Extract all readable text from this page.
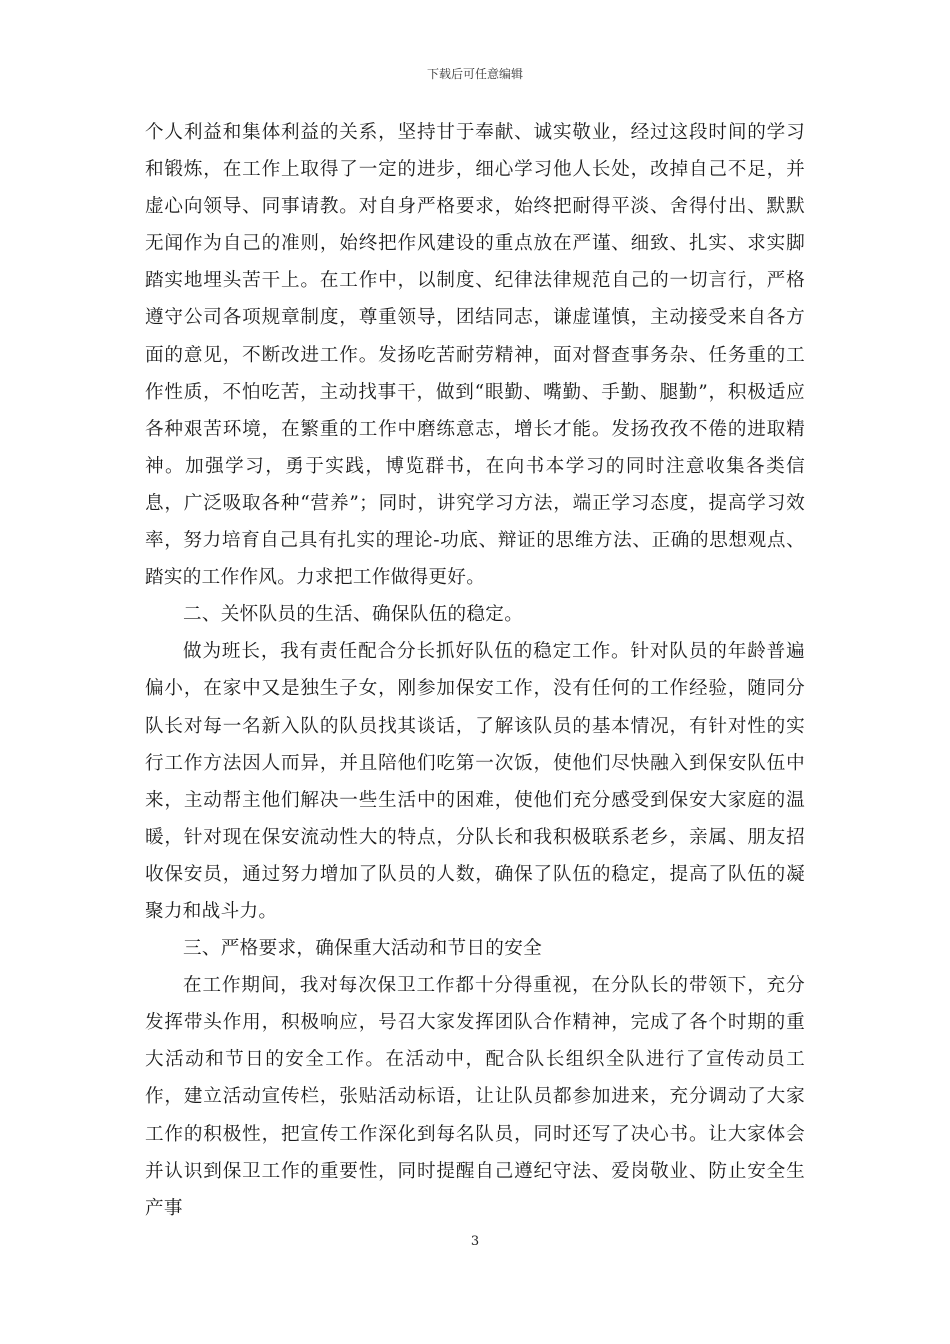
下载后可任意编辑

个人利益和集体利益的关系，坚持甘于奉献、诚实敬业，经过这段时间的学习和锻炼，在工作上取得了一定的进步，细心学习他人长处，改掉自己不足，并虚心向领导、同事请教。对自身严格要求，始终把耐得平淡、舍得付出、默默无闻作为自己的准则，始终把作风建设的重点放在严谨、细致、扎实、求实脚踏实地埋头苦干上。在工作中，以制度、纪律法律规范自己的一切言行，严格遵守公司各项规章制度，尊重领导，团结同志，谦虚谨慎，主动接受来自各方面的意见，不断改进工作。发扬吃苦耐劳精神，面对督查事务杂、任务重的工作性质，不怕吃苦，主动找事干，做到“眼勤、嘴勤、手勤、腿勤”，积极适应各种艰苦环境，在繁重的工作中磨练意志，增长才能。发扬孜孜不倦的进取精神。加强学习，勇于实践，博览群书，在向书本学习的同时注意收集各类信息，广泛吸取各种“营养”；同时，讲究学习方法，端正学习态度，提高学习效率，努力培育自己具有扎实的理论-功底、辩证的思维方法、正确的思想观点、踏实的工作作风。力求把工作做得更好。

二、关怀队员的生活、确保队伍的稳定。

做为班长，我有责任配合分长抓好队伍的稳定工作。针对队员的年龄普遍偏小，在家中又是独生子女，刚参加保安工作，没有任何的工作经验，随同分队长对每一名新入队的队员找其谈话，了解该队员的基本情况，有针对性的实行工作方法因人而异，并且陪他们吃第一次饭，使他们尽快融入到保安队伍中来，主动帮主他们解决一些生活中的困难，使他们充分感受到保安大家庭的温暖，针对现在保安流动性大的特点，分队长和我积极联系老乡，亲属、朋友招收保安员，通过努力增加了队员的人数，确保了队伍的稳定，提高了队伍的凝聚力和战斗力。

三、严格要求，确保重大活动和节日的安全

在工作期间，我对每次保卫工作都十分得重视，在分队长的带领下，充分发挥带头作用，积极响应，号召大家发挥团队合作精神，完成了各个时期的重大活动和节日的安全工作。在活动中，配合队长组织全队进行了宣传动员工作，建立活动宣传栏，张贴活动标语，让让队员都参加进来，充分调动了大家工作的积极性，把宣传工作深化到每名队员，同时还写了决心书。让大家体会并认识到保卫工作的重要性，同时提醒自己遵纪守法、爱岗敬业、防止安全生产事

3
